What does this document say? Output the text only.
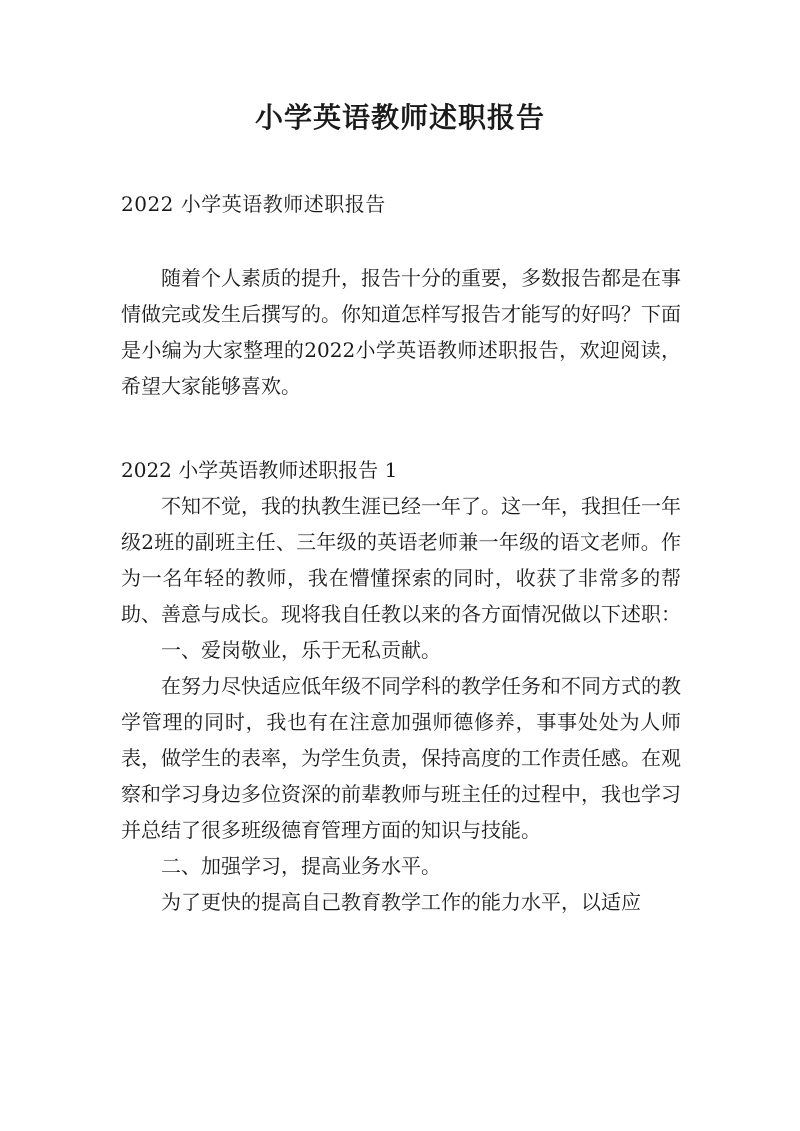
小学英语教师述职报告
2022 小学英语教师述职报告

随着个人素质的提升，报告十分的重要，多数报告都是在事情做完或发生后撰写的。你知道怎样写报告才能写的好吗？下面是小编为大家整理的2022小学英语教师述职报告，欢迎阅读，希望大家能够喜欢。

2022 小学英语教师述职报告 1

不知不觉，我的执教生涯已经一年了。这一年，我担任一年级2班的副班主任、三年级的英语老师兼一年级的语文老师。作为一名年轻的教师，我在懵懂探索的同时，收获了非常多的帮助、善意与成长。现将我自任教以来的各方面情况做以下述职：

一、爱岗敬业，乐于无私贡献。

在努力尽快适应低年级不同学科的教学任务和不同方式的教学管理的同时，我也有在注意加强师德修养，事事处处为人师表，做学生的表率，为学生负责，保持高度的工作责任感。在观察和学习身边多位资深的前辈教师与班主任的过程中，我也学习并总结了很多班级德育管理方面的知识与技能。

二、加强学习，提高业务水平。

为了更快的提高自己教育教学工作的能力水平，以适应
